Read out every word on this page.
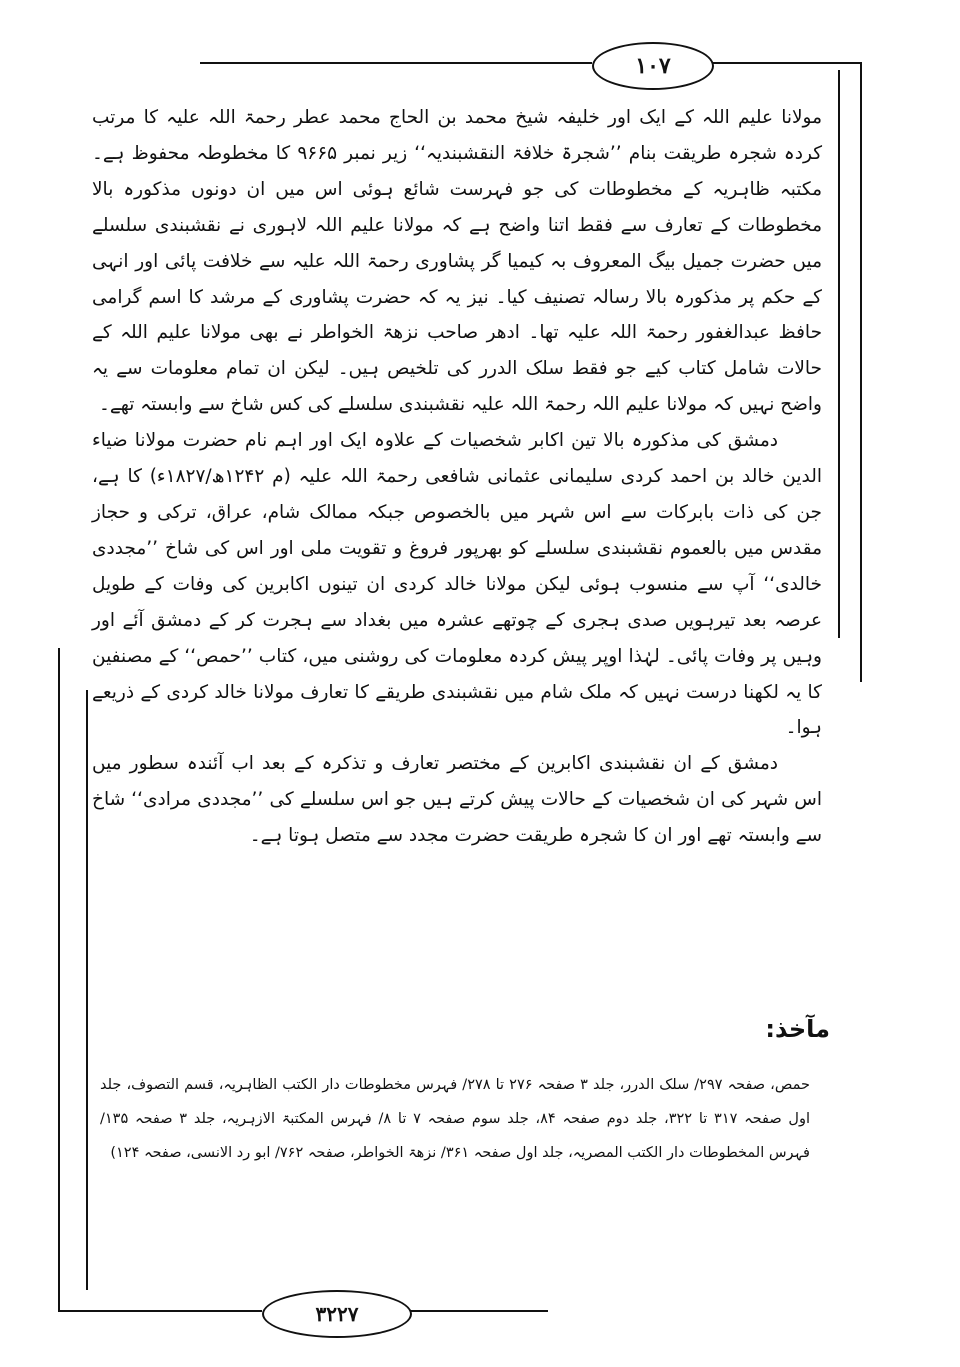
۱۰۷

مولانا علیم اللہ کے ایک اور خلیفہ شیخ محمد بن الحاج محمد عطر رحمۃ اللہ علیہ کا مرتب کردہ شجرہ طریقت بنام ’’شجرۃ خلافۃ النقشبندیہ‘‘ زیر نمبر ۹۶۶۵ کا مخطوطہ محفوظ ہے۔ مکتبہ ظاہریہ کے مخطوطات کی جو فہرست شائع ہوئی اس میں ان دونوں مذکورہ بالا مخطوطات کے تعارف سے فقط اتنا واضح ہے کہ مولانا علیم اللہ لاہوری نے نقشبندی سلسلے میں حضرت جمیل بیگ المعروف بہ کیمیا گر پشاوری رحمۃ اللہ علیہ سے خلافت پائی اور انہی کے حکم پر مذکورہ بالا رسالہ تصنیف کیا۔ نیز یہ کہ حضرت پشاوری کے مرشد کا اسم گرامی حافظ عبدالغفور رحمۃ اللہ علیہ تھا۔ ادھر صاحب نزھۃ الخواطر نے بھی مولانا علیم اللہ کے حالات شامل کتاب کیے جو فقط سلک الدرر کی تلخیص ہیں۔ لیکن ان تمام معلومات سے یہ واضح نہیں کہ مولانا علیم اللہ رحمۃ اللہ علیہ نقشبندی سلسلے کی کس شاخ سے وابستہ تھے۔

دمشق کی مذکورہ بالا تین اکابر شخصیات کے علاوہ ایک اور اہم نام حضرت مولانا ضیاء الدین خالد بن احمد کردی سلیمانی عثمانی شافعی رحمۃ اللہ علیہ (م ۱۲۴۲ھ/۱۸۲۷ء) کا ہے، جن کی ذات بابرکات سے اس شہر میں بالخصوص جبکہ ممالک شام، عراق، ترکی و حجاز مقدس میں بالعموم نقشبندی سلسلے کو بھرپور فروغ و تقویت ملی اور اس کی شاخ ’’مجددی خالدی‘‘ آپ سے منسوب ہوئی لیکن مولانا خالد کردی ان تینوں اکابرین کی وفات کے طویل عرصہ بعد تیرہویں صدی ہجری کے چوتھے عشرہ میں بغداد سے ہجرت کر کے دمشق آئے اور وہیں پر وفات پائی۔ لہٰذا اوپر پیش کردہ معلومات کی روشنی میں، کتاب ’’حمص‘‘ کے مصنفین کا یہ لکھنا درست نہیں کہ ملک شام میں نقشبندی طریقے کا تعارف مولانا خالد کردی کے ذریعے ہوا۔

دمشق کے ان نقشبندی اکابرین کے مختصر تعارف و تذکرہ کے بعد اب آئندہ سطور میں اس شہر کی ان شخصیات کے حالات پیش کرتے ہیں جو اس سلسلے کی ’’مجددی مرادی‘‘ شاخ سے وابستہ تھے اور ان کا شجرہ طریقت حضرت مجدد سے متصل ہوتا ہے۔

مآخذ:
حمص، صفحہ ۲۹۷/ سلک الدرر، جلد ۳ صفحہ ۲۷۶ تا ۲۷۸/ فہرس مخطوطات دار الکتب الظاہریہ، قسم التصوف، جلد اول صفحہ ۳۱۷ تا ۳۲۲، جلد دوم صفحہ ۸۴، جلد سوم صفحہ ۷ تا ۸/ فہرس المکتبۃ الازہریہ، جلد ۳ صفحہ ۱۳۵/ فہرس المخطوطات دار الکتب المصریہ، جلد اول صفحہ ۳۶۱/ نزھۃ الخواطر، صفحہ ۷۶۲/ ابو رد الانسی، صفحہ ۱۲۴)
۳۲۲۷
